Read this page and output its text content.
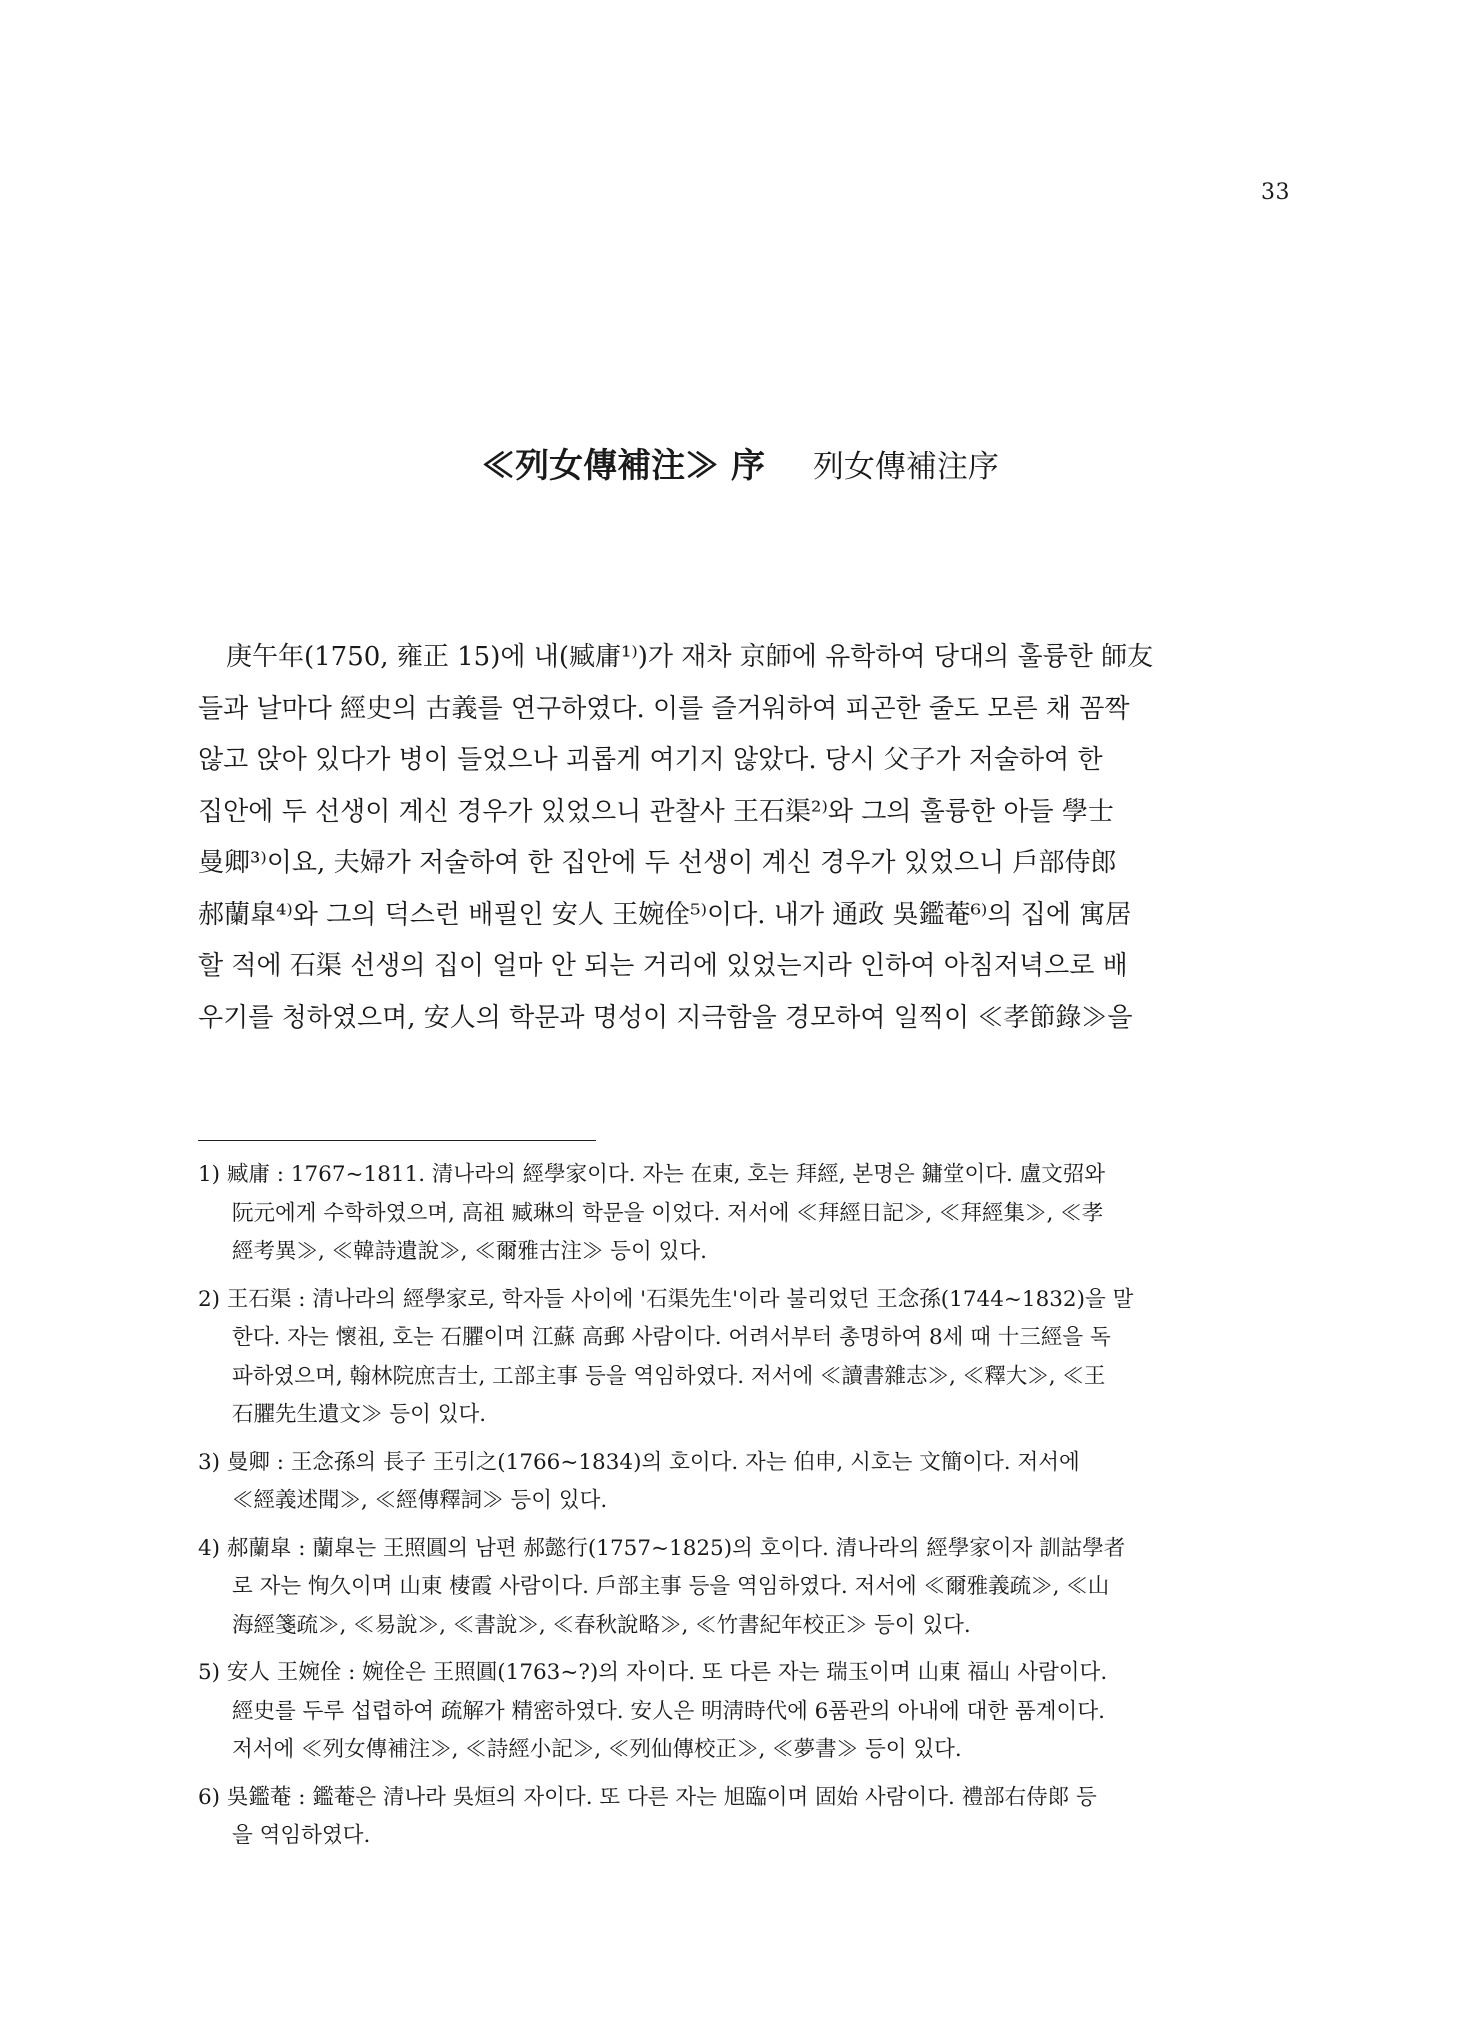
33
≪列女傳補注≫ 序 列女傳補注序
庚午年(1750, 雍正 15)에 내(臧庸¹⁾)가 재차 京師에 유학하여 당대의 훌륭한 師友
들과 날마다 經史의 古義를 연구하였다. 이를 즐거워하여 피곤한 줄도 모른 채 꼼짝
않고 앉아 있다가 병이 들었으나 괴롭게 여기지 않았다. 당시 父子가 저술하여 한
집안에 두 선생이 계신 경우가 있었으니 관찰사 王石渠²⁾와 그의 훌륭한 아들 學士
曼卿³⁾이요, 夫婦가 저술하여 한 집안에 두 선생이 계신 경우가 있었으니 戶部侍郎
郝蘭皐⁴⁾와 그의 덕스런 배필인 安人 王婉佺⁵⁾이다. 내가 通政 吳鑑菴⁶⁾의 집에 寓居
할 적에 石渠 선생의 집이 얼마 안 되는 거리에 있었는지라 인하여 아침저녁으로 배
우기를 청하였으며, 安人의 학문과 명성이 지극함을 경모하여 일찍이 ≪孝節錄≫을
1) 臧庸 : 1767~1811. 清나라의 經學家이다. 자는 在東, 호는 拜經, 본명은 鏞堂이다. 盧文弨와
阮元에게 수학하였으며, 高祖 臧琳의 학문을 이었다. 저서에 ≪拜經日記≫, ≪拜經集≫, ≪孝
經考異≫, ≪韓詩遺說≫, ≪爾雅古注≫ 등이 있다.
2) 王石渠 : 清나라의 經學家로, 학자들 사이에 '石渠先生'이라 불리었던 王念孫(1744~1832)을 말
한다. 자는 懷祖, 호는 石臞이며 江蘇 高郵 사람이다. 어려서부터 총명하여 8세 때 十三經을 독
파하였으며, 翰林院庶吉士, 工部主事 등을 역임하였다. 저서에 ≪讀書雜志≫, ≪釋大≫, ≪王
石臞先生遺文≫ 등이 있다.
3) 曼卿 : 王念孫의 長子 王引之(1766~1834)의 호이다. 자는 伯申, 시호는 文簡이다. 저서에
≪經義述聞≫, ≪經傳釋詞≫ 등이 있다.
4) 郝蘭皐 : 蘭皐는 王照圓의 남편 郝懿行(1757~1825)의 호이다. 清나라의 經學家이자 訓詁學者
로 자는 恂久이며 山東 棲霞 사람이다. 戶部主事 등을 역임하였다. 저서에 ≪爾雅義疏≫, ≪山
海經箋疏≫, ≪易說≫, ≪書說≫, ≪春秋說略≫, ≪竹書紀年校正≫ 등이 있다.
5) 安人 王婉佺 : 婉佺은 王照圓(1763~?)의 자이다. 또 다른 자는 瑞玉이며 山東 福山 사람이다.
經史를 두루 섭렵하여 疏解가 精密하였다. 安人은 明淸時代에 6품관의 아내에 대한 품계이다.
저서에 ≪列女傳補注≫, ≪詩經小記≫, ≪列仙傳校正≫, ≪夢書≫ 등이 있다.
6) 吳鑑菴 : 鑑菴은 清나라 吳烜의 자이다. 또 다른 자는 旭臨이며 固始 사람이다. 禮部右侍郞 등
을 역임하였다.
